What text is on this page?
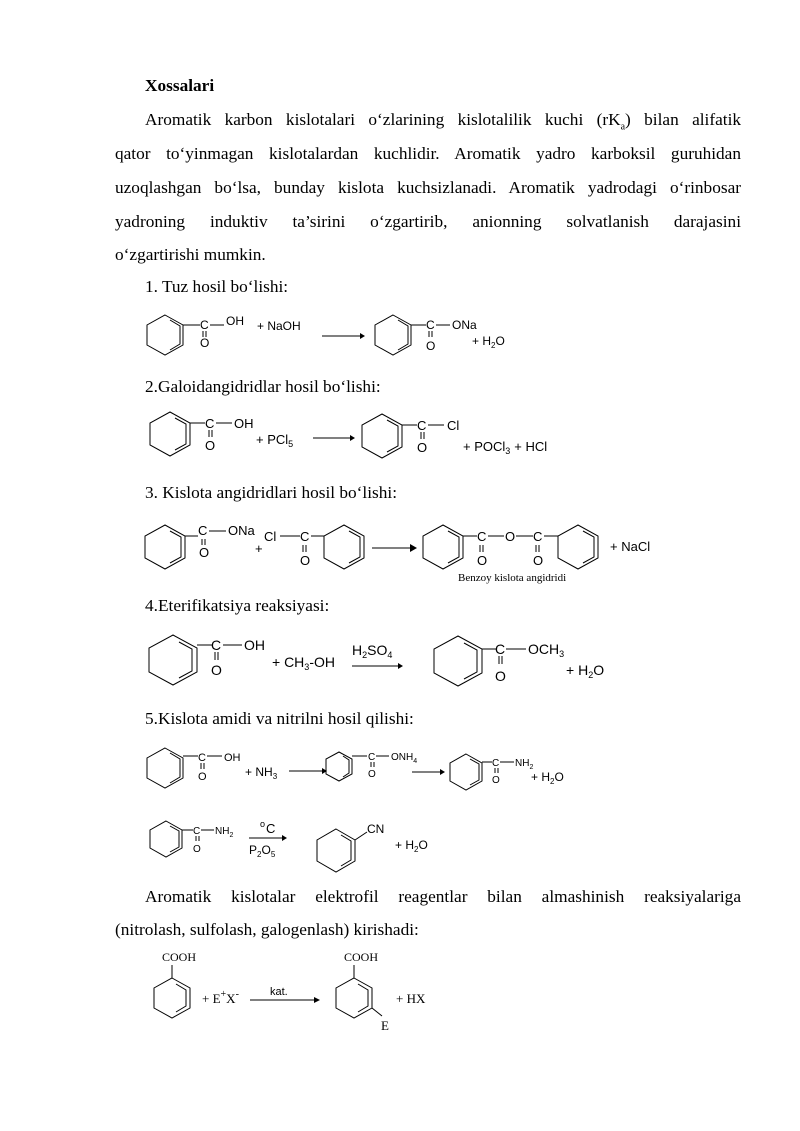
Xossalari
Aromatik karbon kislotalari o‘zlarining kislotalilik kuchi $(rK_a)$ bilan alifatik
qator to‘yinmagan kislotalardan kuchlidir. Aromatik yadro karboksil guruhidan
uzoqlashgan bo‘lsa, bunday kislota kuchsizlanadi. Aromatik yadrodagi o‘rinbosar
yadroning induktiv ta’sirini o‘zgartirib, anionning solvatlanish darajasini
o‘zgartirishi mumkin.
1. Tuz hosil bo‘lishi:
2.Galoidangidridlar hosil bo‘lishi:
3. Kislota angidridlari hosil bo‘lishi:
4.Eterifikatsiya reaksiyasi:
5.Kislota amidi va nitrilni hosil qilishi:
Aromatik kislotalar elektrofil reagentlar bilan almashinish reaksiyalariga
(nitrolash, sulfolash, galogenlash) kirishadi:
C OH
O
+ NaOH	C ONa
O	+ $H_2O$
C OH
O	+ PCl$_5$
C Cl
O	+ POCl$_3$ + HCl
C ONa
O	+
Cl C
O
C
O
O C
O
+ NaCl
Benzoy kislota angidridi
C OH
O	+ $CH_3-OH$
$H_2SO_4$	C $OCH_3$
O	+ $H_2O$
C OH
O	+ $NH_3$
C $ONH_4$
O
C $NH_2$
O	+ $H_2O$
C $NH_2$
O
o C
$P_2O_5$
CN
+ $H_2O$
COOH
+ E+X-	kat.
COOH
E
+ HX
